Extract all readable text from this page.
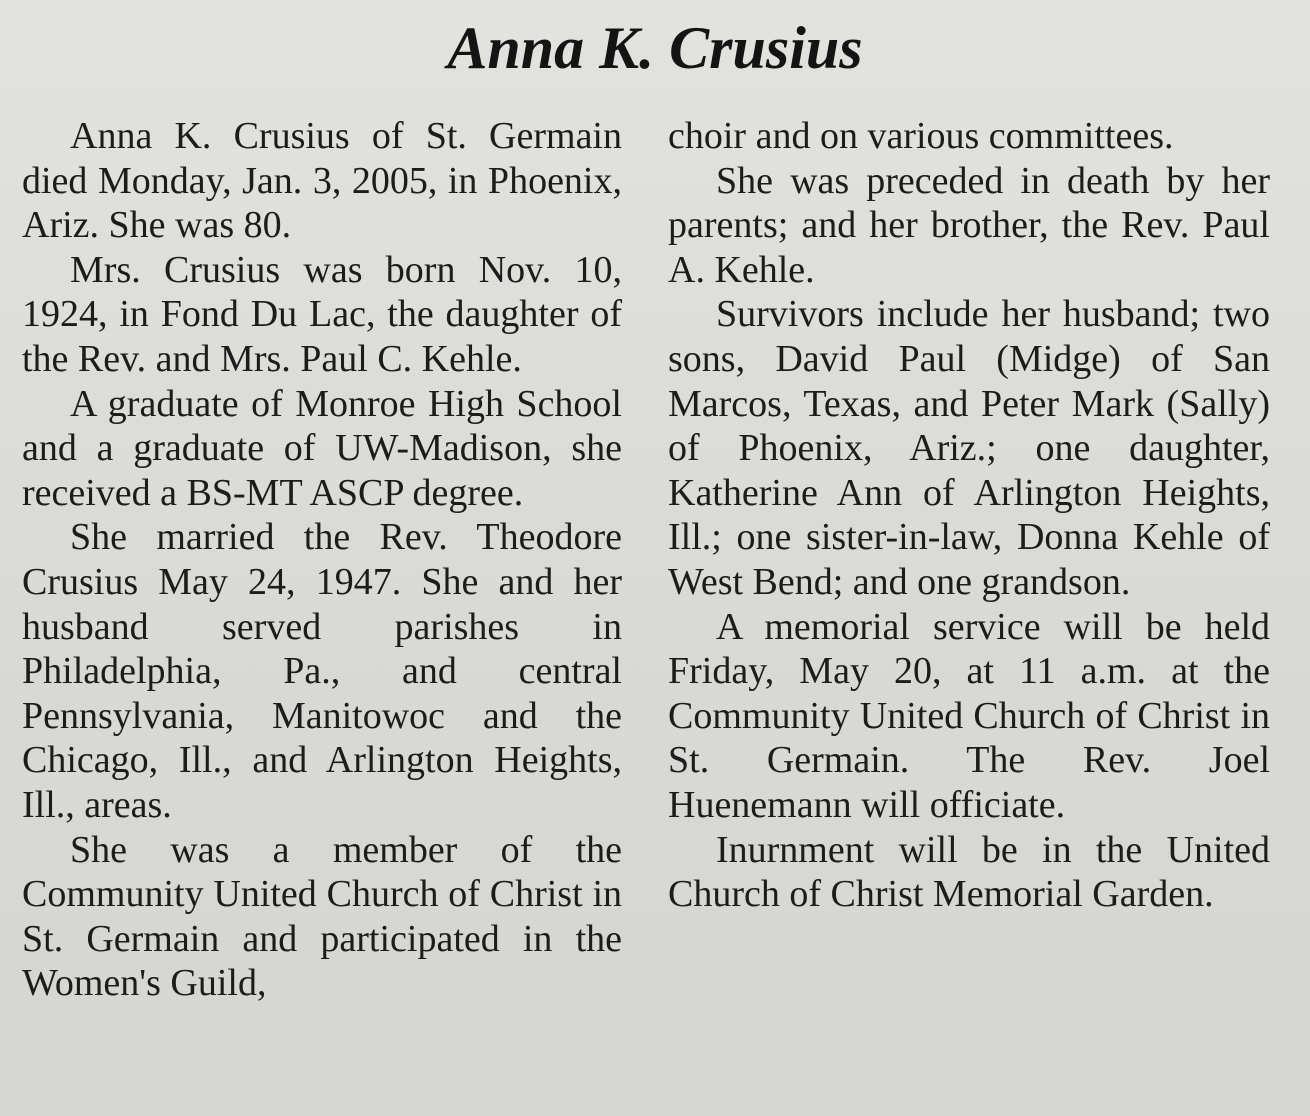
Anna K. Crusius

Anna K. Crusius of St. Germain died Monday, Jan. 3, 2005, in Phoenix, Ariz. She was 80.

Mrs. Crusius was born Nov. 10, 1924, in Fond Du Lac, the daughter of the Rev. and Mrs. Paul C. Kehle.

A graduate of Monroe High School and a graduate of UW-Madison, she received a BS-MT ASCP degree.

She married the Rev. Theodore Crusius May 24, 1947. She and her husband served parishes in Philadelphia, Pa., and central Pennsylvania, Manitowoc and the Chicago, Ill., and Arlington Heights, Ill., areas.

She was a member of the Community United Church of Christ in St. Germain and participated in the Women's Guild,

choir and on various committees.

She was preceded in death by her parents; and her brother, the Rev. Paul A. Kehle.

Survivors include her husband; two sons, David Paul (Midge) of San Marcos, Texas, and Peter Mark (Sally) of Phoenix, Ariz.; one daughter, Katherine Ann of Arlington Heights, Ill.; one sister-in-law, Donna Kehle of West Bend; and one grandson.

A memorial service will be held Friday, May 20, at 11 a.m. at the Community United Church of Christ in St. Germain. The Rev. Joel Huenemann will officiate.

Inurnment will be in the United Church of Christ Memorial Garden.
